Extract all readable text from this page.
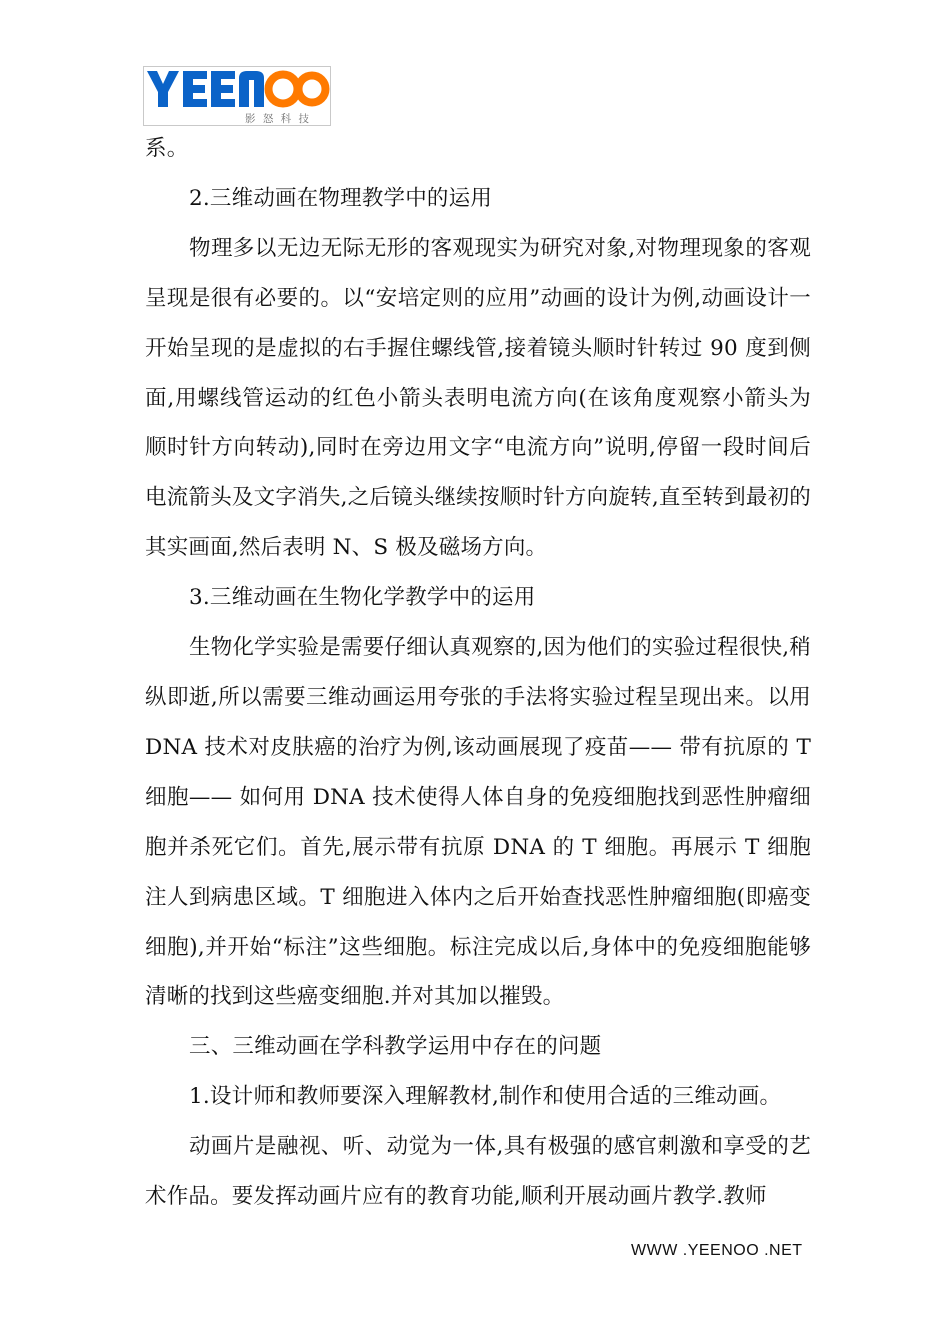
影 怒 科 技

系。

2.三维动画在物理教学中的运用

物理多以无边无际无形的客观现实为研究对象,对物理现象的客观呈现是很有必要的。以“安培定则的应用”动画的设计为例,动画设计一开始呈现的是虚拟的右手握住螺线管,接着镜头顺时针转过 90 度到侧面,用螺线管运动的红色小箭头表明电流方向(在该角度观察小箭头为顺时针方向转动),同时在旁边用文字“电流方向”说明,停留一段时间后电流箭头及文字消失,之后镜头继续按顺时针方向旋转,直至转到最初的其实画面,然后表明 N、S 极及磁场方向。

3.三维动画在生物化学教学中的运用

生物化学实验是需要仔细认真观察的,因为他们的实验过程很快,稍纵即逝,所以需要三维动画运用夸张的手法将实验过程呈现出来。以用 DNA 技术对皮肤癌的治疗为例,该动画展现了疫苗—— 带有抗原的 T 细胞—— 如何用 DNA 技术使得人体自身的免疫细胞找到恶性肿瘤细胞并杀死它们。首先,展示带有抗原 DNA 的 T 细胞。再展示 T 细胞注人到病患区域。T 细胞进入体内之后开始查找恶性肿瘤细胞(即癌变细胞),并开始“标注”这些细胞。标注完成以后,身体中的免疫细胞能够清晰的找到这些癌变细胞.并对其加以摧毁。

三、三维动画在学科教学运用中存在的问题

1.设计师和教师要深入理解教材,制作和使用合适的三维动画。

动画片是融视、听、动觉为一体,具有极强的感官刺激和享受的艺术作品。要发挥动画片应有的教育功能,顺利开展动画片教学.教师

WWW .YEENOO .NET
